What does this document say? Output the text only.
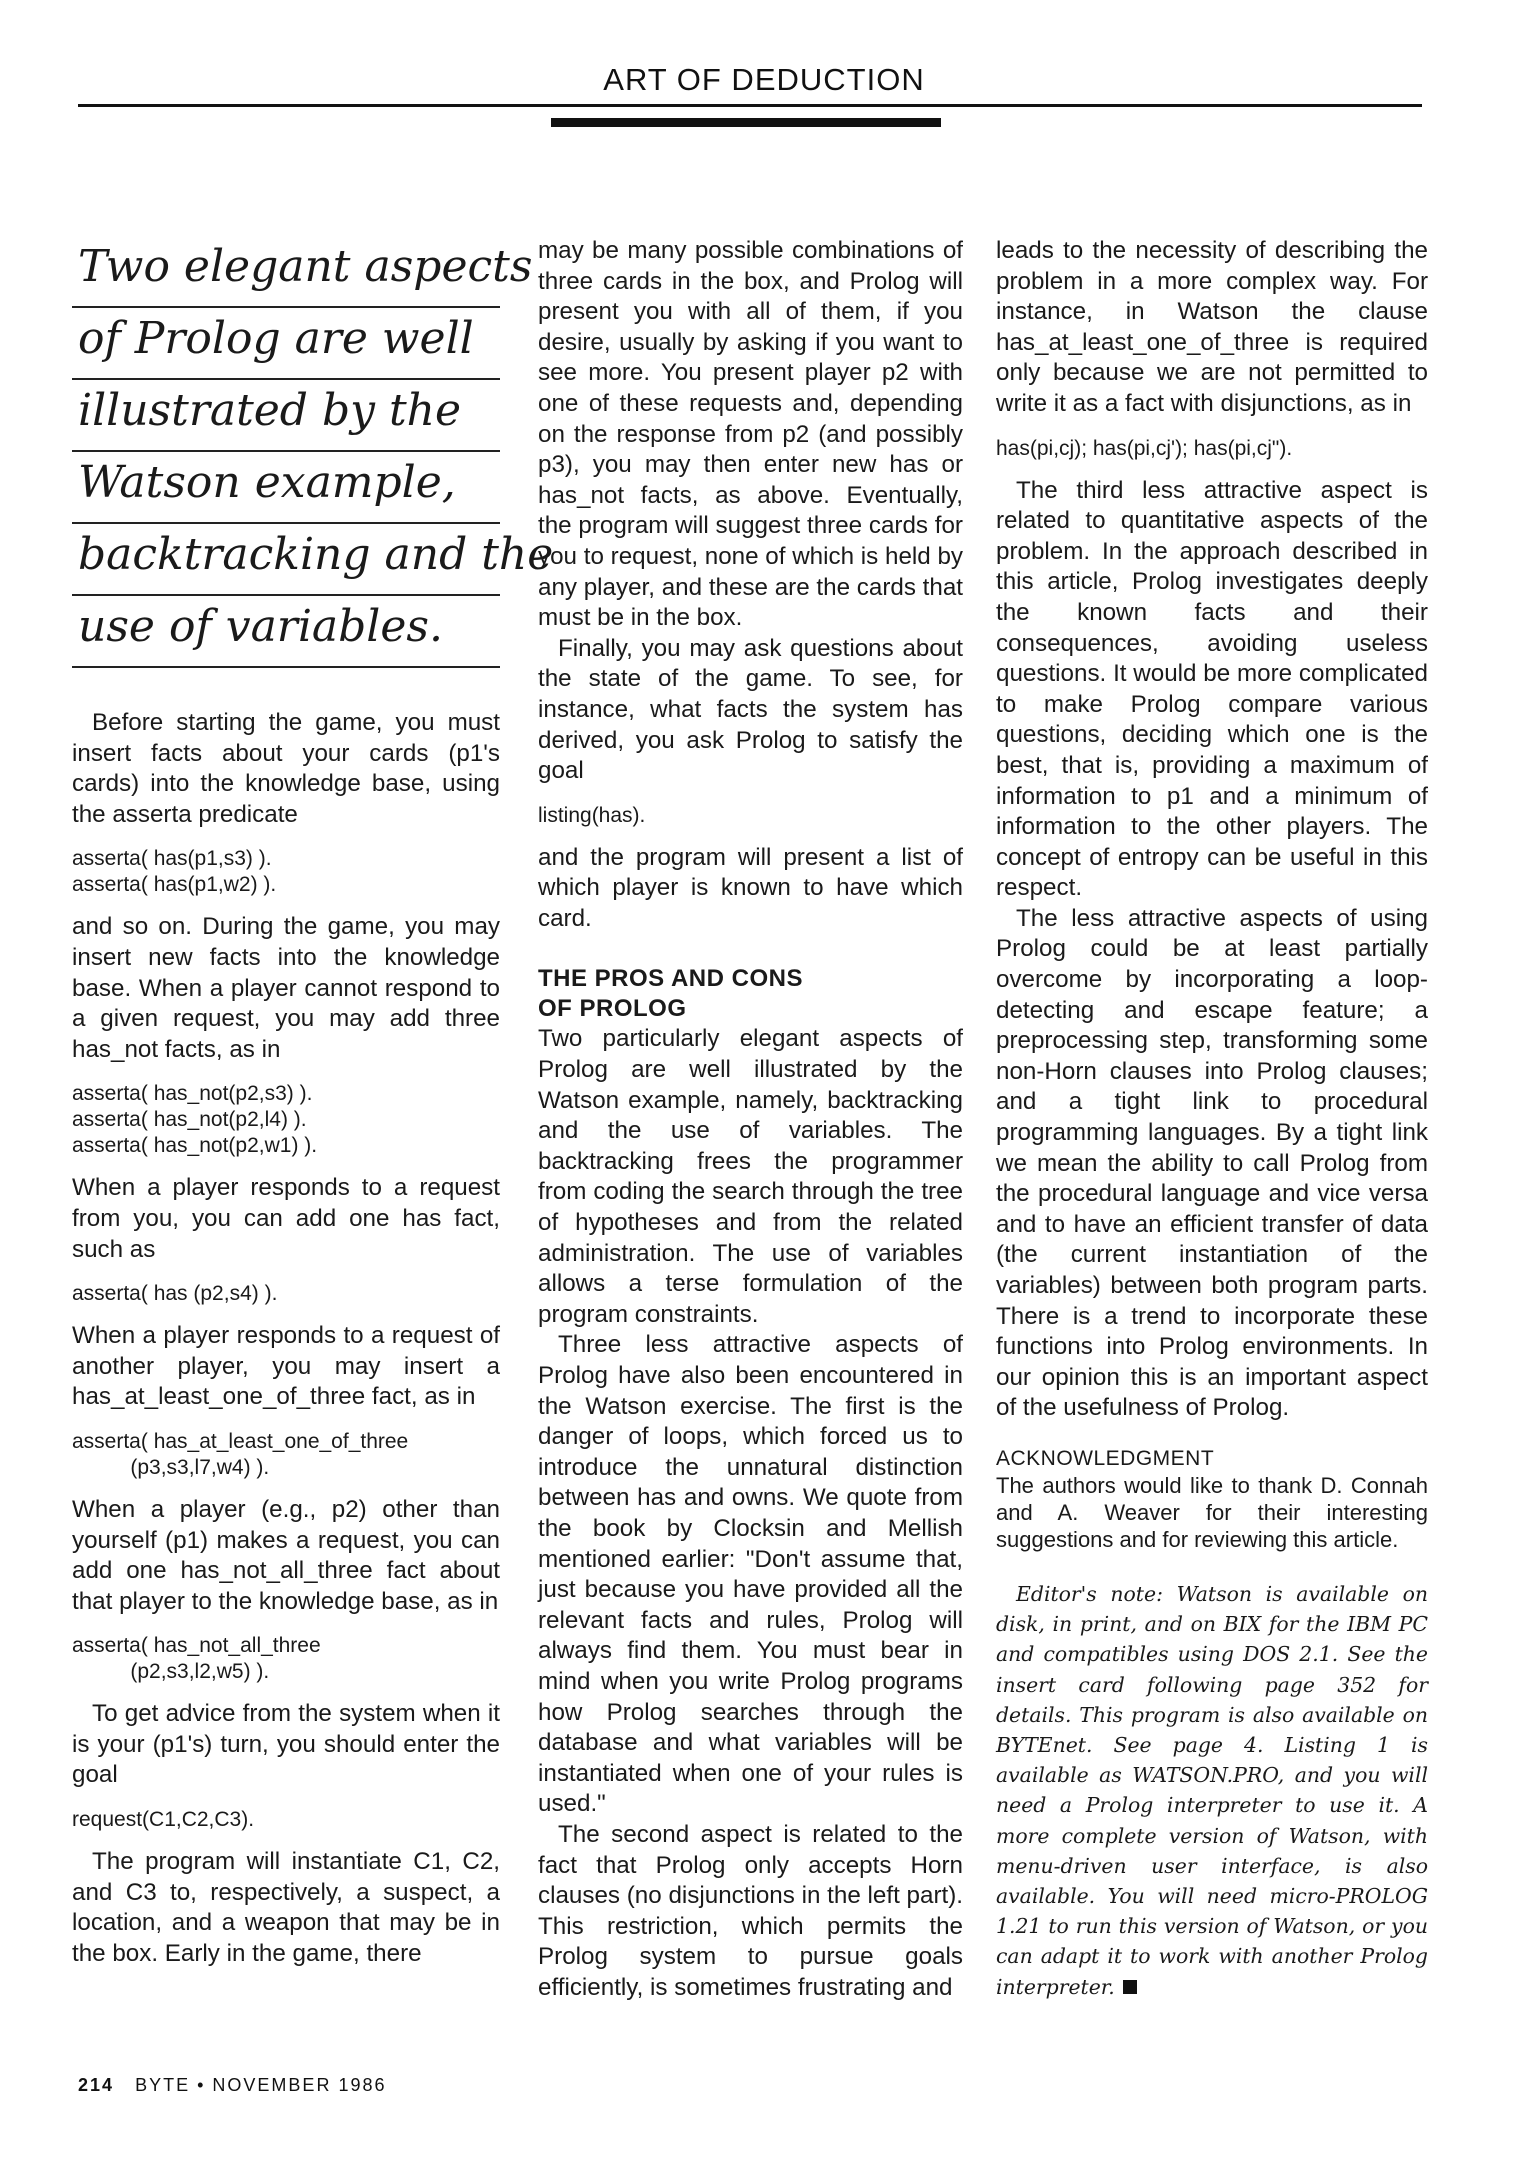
ART OF DEDUCTION
Two elegant aspects
of Prolog are well
illustrated by the
Watson example,
backtracking and the
use of variables.

Before starting the game, you must insert facts about your cards (p1's cards) into the knowledge base, using the asserta predicate

asserta( has(p1,s3) ).
asserta( has(p1,w2) ).

and so on. During the game, you may insert new facts into the knowledge base. When a player cannot respond to a given request, you may add three has_not facts, as in

asserta( has_not(p2,s3) ).
asserta( has_not(p2,l4) ).
asserta( has_not(p2,w1) ).

When a player responds to a request from you, you can add one has fact, such as

asserta( has (p2,s4) ).

When a player responds to a request of another player, you may insert a has_at_least_one_of_three fact, as in

asserta( has_at_least_one_of_three
(p3,s3,l7,w4) ).

When a player (e.g., p2) other than yourself (p1) makes a request, you can add one has_not_all_three fact about that player to the knowledge base, as in

asserta( has_not_all_three
(p2,s3,l2,w5) ).

To get advice from the system when it is your (p1's) turn, you should enter the goal

request(C1,C2,C3).

The program will instantiate C1, C2, and C3 to, respectively, a suspect, a location, and a weapon that may be in the box. Early in the game, there

may be many possible combinations of three cards in the box, and Prolog will present you with all of them, if you desire, usually by asking if you want to see more. You present player p2 with one of these requests and, depending on the response from p2 (and possibly p3), you may then enter new has or has_not facts, as above. Eventually, the program will suggest three cards for you to request, none of which is held by any player, and these are the cards that must be in the box.

Finally, you may ask questions about the state of the game. To see, for instance, what facts the system has derived, you ask Prolog to satisfy the goal

listing(has).

and the program will present a list of which player is known to have which card.

THE PROS AND CONS
OF PROLOG

Two particularly elegant aspects of Prolog are well illustrated by the Watson example, namely, backtracking and the use of variables. The backtracking frees the programmer from coding the search through the tree of hypotheses and from the related administration. The use of variables allows a terse formulation of the program constraints.

Three less attractive aspects of Prolog have also been encountered in the Watson exercise. The first is the danger of loops, which forced us to introduce the unnatural distinction between has and owns. We quote from the book by Clocksin and Mellish mentioned earlier: "Don't assume that, just because you have provided all the relevant facts and rules, Prolog will always find them. You must bear in mind when you write Prolog programs how Prolog searches through the database and what variables will be instantiated when one of your rules is used."

The second aspect is related to the fact that Prolog only accepts Horn clauses (no disjunctions in the left part). This restriction, which permits the Prolog system to pursue goals efficiently, is sometimes frustrating and

leads to the necessity of describing the problem in a more complex way. For instance, in Watson the clause has_at_least_one_of_three is required only because we are not permitted to write it as a fact with disjunctions, as in

has(pi,cj); has(pi,cj'); has(pi,cj").

The third less attractive aspect is related to quantitative aspects of the problem. In the approach described in this article, Prolog investigates deeply the known facts and their consequences, avoiding useless questions. It would be more complicated to make Prolog compare various questions, deciding which one is the best, that is, providing a maximum of information to p1 and a minimum of information to the other players. The concept of entropy can be useful in this respect.

The less attractive aspects of using Prolog could be at least partially overcome by incorporating a loop-detecting and escape feature; a preprocessing step, transforming some non-Horn clauses into Prolog clauses; and a tight link to procedural programming languages. By a tight link we mean the ability to call Prolog from the procedural language and vice versa and to have an efficient transfer of data (the current instantiation of the variables) between both program parts. There is a trend to incorporate these functions into Prolog environments. In our opinion this is an important aspect of the usefulness of Prolog.

ACKNOWLEDGMENT

The authors would like to thank D. Connah and A. Weaver for their interesting suggestions and for reviewing this article.

Editor's note: Watson is available on disk, in print, and on BIX for the IBM PC and compatibles using DOS 2.1. See the insert card following page 352 for details. This program is also available on BYTEnet. See page 4. Listing 1 is available as WATSON.PRO, and you will need a Prolog interpreter to use it. A more complete version of Watson, with menu-driven user interface, is also available. You will need micro-PROLOG 1.21 to run this version of Watson, or you can adapt it to work with another Prolog interpreter.
214 BYTE • NOVEMBER 1986
